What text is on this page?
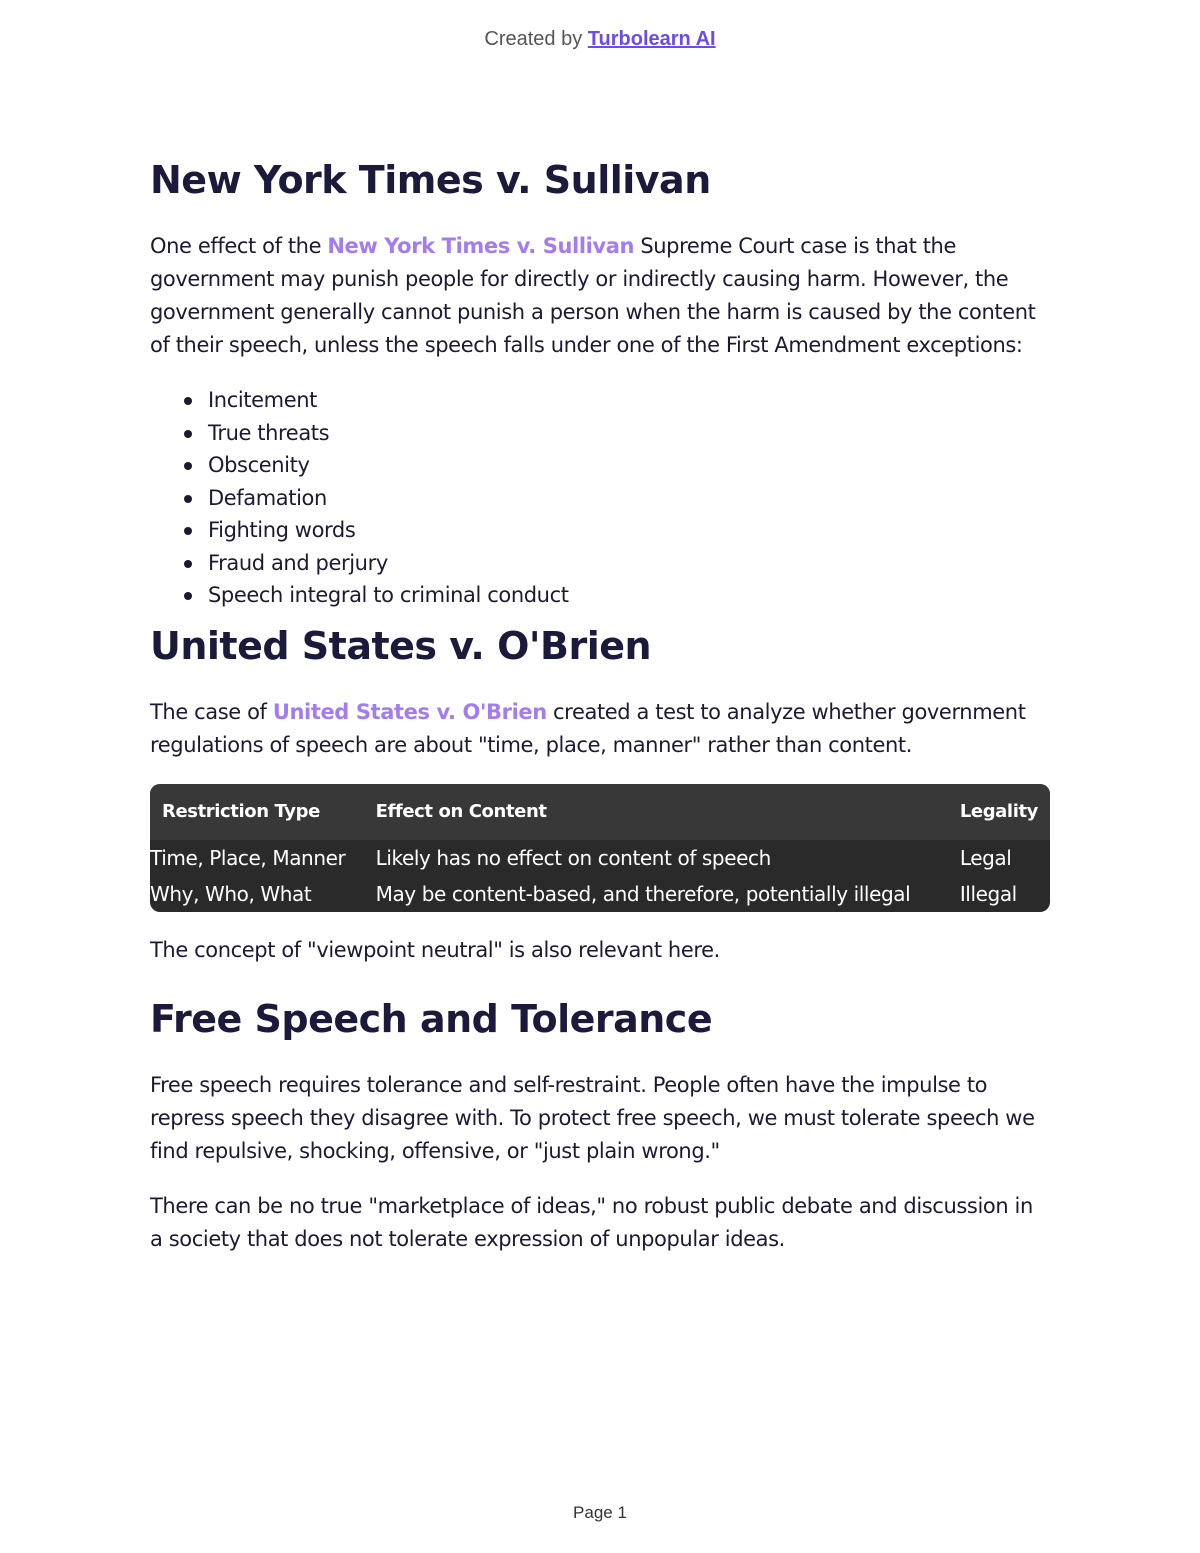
Created by Turbolearn AI
New York Times v. Sullivan

One effect of the New York Times v. Sullivan Supreme Court case is that the government may punish people for directly or indirectly causing harm. However, the government generally cannot punish a person when the harm is caused by the content of their speech, unless the speech falls under one of the First Amendment exceptions:

Incitement
True threats
Obscenity
Defamation
Fighting words
Fraud and perjury
Speech integral to criminal conduct
United States v. O'Brien

The case of United States v. O'Brien created a test to analyze whether government regulations of speech are about "time, place, manner" rather than content.

Restriction Type	Effect on Content	Legality
Time, Place, Manner	Likely has no effect on content of speech	Legal
Why, Who, What	May be content-based, and therefore, potentially illegal	Illegal

The concept of "viewpoint neutral" is also relevant here.

Free Speech and Tolerance

Free speech requires tolerance and self-restraint. People often have the impulse to repress speech they disagree with. To protect free speech, we must tolerate speech we find repulsive, shocking, offensive, or "just plain wrong."

There can be no true "marketplace of ideas," no robust public debate and discussion in a society that does not tolerate expression of unpopular ideas.

Page 1
